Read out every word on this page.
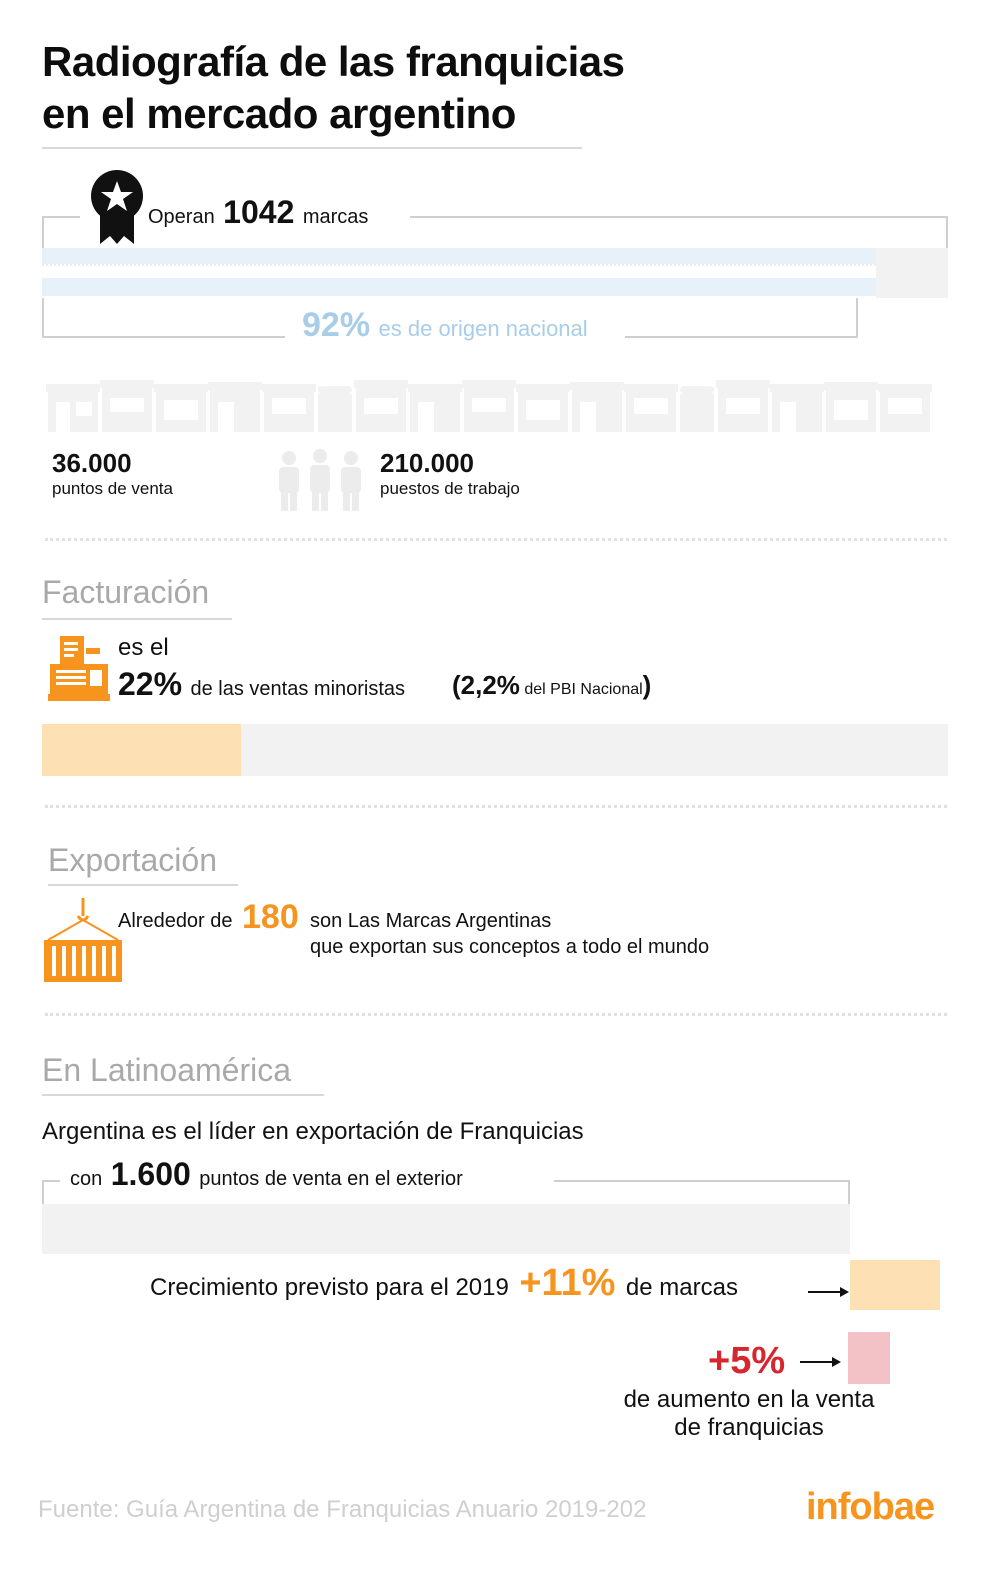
Radiografía de las franquicias
en el mercado argentino
Operan 1042 marcas
92% es de origen nacional
36.000
puntos de venta
210.000
puestos de trabajo
Facturación
es el
22% de las ventas minoristas (2,2% del PBI Nacional)
Exportación
Alrededor de 180 son Las Marcas Argentinas
que exportan sus conceptos a todo el mundo
En Latinoamérica
Argentina es el líder en exportación de Franquicias
con 1.600 puntos de venta en el exterior
Crecimiento previsto para el 2019 +11% de marcas
+5%
de aumento en la venta
de franquicias
Fuente: Guía Argentina de Franquicias Anuario 2019-202	infobae
